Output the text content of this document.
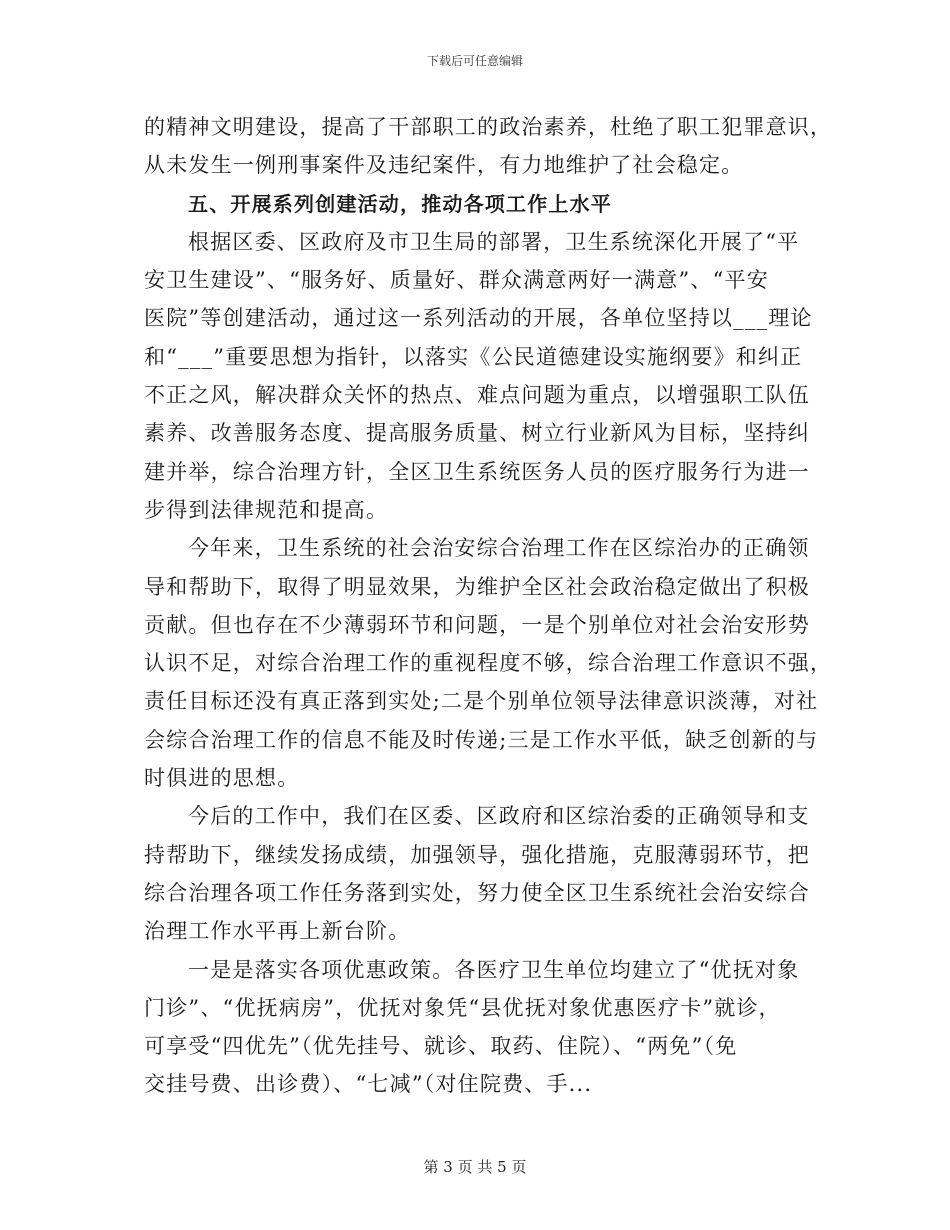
下载后可任意编辑
的精神文明建设，提高了干部职工的政治素养，杜绝了职工犯罪意识，
从未发生一例刑事案件及违纪案件，有力地维护了社会稳定。
五、开展系列创建活动，推动各项工作上水平
根据区委、区政府及市卫生局的部署，卫生系统深化开展了“平
安卫生建设”、“服务好、质量好、群众满意两好一满意”、“平安
医院”等创建活动，通过这一系列活动的开展，各单位坚持以___理论
和“___”重要思想为指针，以落实《公民道德建设实施纲要》和纠正
不正之风，解决群众关怀的热点、难点问题为重点，以增强职工队伍
素养、改善服务态度、提高服务质量、树立行业新风为目标，坚持纠
建并举，综合治理方针，全区卫生系统医务人员的医疗服务行为进一
步得到法律规范和提高。
今年来，卫生系统的社会治安综合治理工作在区综治办的正确领
导和帮助下，取得了明显效果，为维护全区社会政治稳定做出了积极
贡献。但也存在不少薄弱环节和问题，一是个别单位对社会治安形势
认识不足，对综合治理工作的重视程度不够，综合治理工作意识不强，
责任目标还没有真正落到实处;二是个别单位领导法律意识淡薄，对社
会综合治理工作的信息不能及时传递;三是工作水平低，缺乏创新的与
时俱进的思想。
今后的工作中，我们在区委、区政府和区综治委的正确领导和支
持帮助下，继续发扬成绩，加强领导，强化措施，克服薄弱环节，把
综合治理各项工作任务落到实处，努力使全区卫生系统社会治安综合
治理工作水平再上新台阶。
一是是落实各项优惠政策。各医疗卫生单位均建立了“优抚对象
门诊”、“优抚病房”，优抚对象凭“县优抚对象优惠医疗卡”就诊，
可享受“四优先”（优先挂号、就诊、取药、住院）、“两免”（免
交挂号费、出诊费）、“七减”（对住院费、手...
第 3 页 共 5 页
